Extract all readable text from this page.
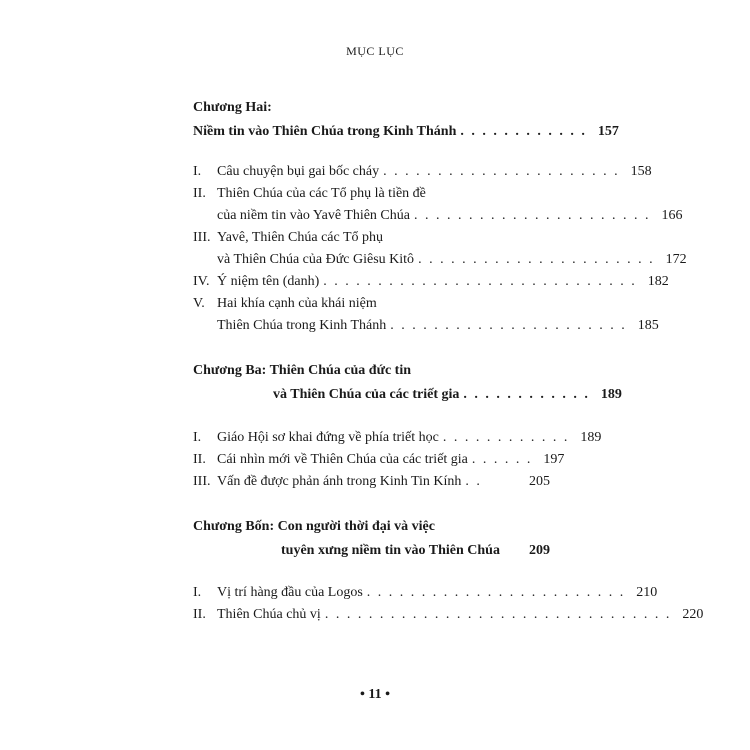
MỤC LỤC
Chương Hai:
Niềm tin vào Thiên Chúa trong Kinh Thánh . . . . . . . . . . . . 157
I.	Câu chuyện bụi gai bốc cháy . . . . . . . . . . . . . . . . . . . . . . 158
II. Thiên Chúa của các Tổ phụ là tiền đề
của niềm tin vào Yavê Thiên Chúa . . . . . . . . . . . . . . . . . . . . . . 166
III. Yavê, Thiên Chúa các Tổ phụ
và Thiên Chúa của Đức Giêsu Kitô . . . . . . . . . . . . . . . . . . . . . . 172
IV. Ý niệm tên (danh) . . . . . . . . . . . . . . . . . . . . . . . . . . . . . 182
V. Hai khía cạnh của khái niệm
Thiên Chúa trong Kinh Thánh . . . . . . . . . . . . . . . . . . . . . . 185
Chương Ba: Thiên Chúa của đức tin
và Thiên Chúa của các triết gia . . . . . . . . . . . . 189
I.	Giáo Hội sơ khai đứng về phía triết học . . . . . . . . . . . . 189
II. Cái nhìn mới về Thiên Chúa của các triết gia . . . . . . 197
III. Vấn đề được phản ánh trong Kinh Tin Kính . .	205
Chương Bốn: Con người thời đại và việc
tuyên xưng niềm tin vào Thiên Chúa	209
I.	Vị trí hàng đầu của Logos . . . . . . . . . . . . . . . . . . . . . . . . 210
II. Thiên Chúa chủ vị . . . . . . . . . . . . . . . . . . . . . . . . . . . . . . . . 220
• 11 •
